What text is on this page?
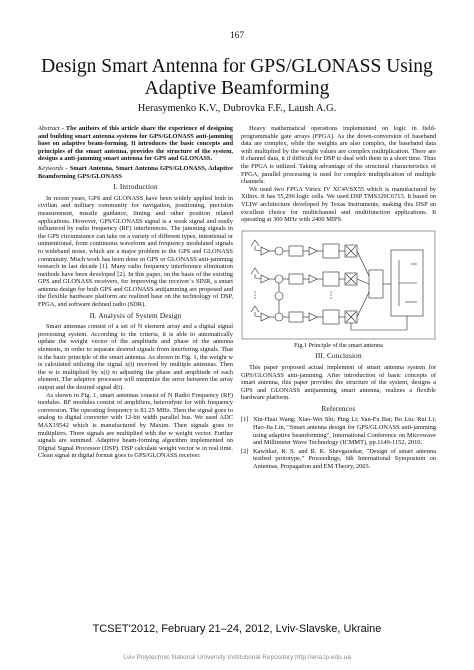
167
Design Smart Antenna for GPS/GLONASS Using Adaptive Beamforming
Herasymenko K.V., Dubrovka F.F., Laush A.G.

Abstract - The authors of this article share the experience of designing and building smart antenna systems for GPS/GLONASS anti-jamming base on adaptive beam-forming. It introduces the basic concepts and principles of the smart antenna, provides the structure of the system, designs a anti-jamming smart antenna for GPS and GLONASS.

Keywords - Smart Antenna, Smart Antenna GPS/GLONASS, Adaptive Beamforming GPS/GLONASS

I. Introduction

In recent years, GPS and GLONASS have been widely applied both in civilian and military community for navigation, positioning, precision measurement, missile guidance, timing and other position related applications. However, GPS/GLONASS signal is a weak signal and easily influenced by radio frequency (RF) interferences. The jamming signals in the GPS circumstance can take on a variety of different types, intentional or unintentional, from continuous waveform and frequency modulated signals to wideband noise, which are a major problem to the GPS and GLONASS community. Much work has been done in GPS or GLONASS anti-jamming research in last decade [1]. Many radio frequency interference elimination methods have been developed [2]. In this paper, on the basis of the existing GPS and GLONASS receivers, for improving the receiver`s SINR, a smart antenna design for both GPS and GLONASS antijamming are proposed and the flexible hardware platform are realized base on the technology of DSP, FPGA, and software defined radio (SDR).

II. Analysis of System Design

Smart antennas consist of a set of N element array and a digital signal processing system. According to the criteria, it is able to automatically update the weight vector of the amplitude and phase of the antenna elements, in order to separate desired signals from interfering signals. That is the basic principle of the smart antenna. As shown in Fig. 1, the weight w is calculated utilizing the signal x(t) received by multiple antennas. Then the w is multiplied by x(t) to adjusting the phase and amplitude of each element. The adaptive processor will minimize the error between the array output and the desired signal d(t).

As shown in Fig. 1, smart antennas consist of N Radio Frequency (RF) modules. RF modules consist of amplifiers, heterodyne for with frequency conversion. The operating frequency is 81.25 MHz. Then the signal goes to analog to digital converter with 12-bit width parallel bus. We used ADC MAX19542 which is manufactured by Maxim. Then signals goes to multipliers. There signals are multiplied with the w weight vector. Further signals are summed. Adaptive beam-forming algorithm implemented on Digital Signal Processor (DSP). DSP calculate weight vector w in real time. Clean signal in digital format goes to GPS/GLONASS receiver.

Heavy mathematical operations implemented on logic in field-programmable gate arrays (FPGA). As the down-conversion of baseband data are complex, while the weights are also complex, the baseband data with multiplied by the weight values are complex multiplication. There are 8 channel data, it if difficult for DSP to deal with them in a short time. Thus the FPGA is utilized. Taking advantage of the structural characteristics of FPGA, parallel processing is used for complex multiplication of multiple channels.

We used two FPGA Virtex IV XC4VSX55 which is manufactured by Xilinx. It has 55,296 logic cells. We used DSP TMS320C6713. It based on VLIW architecture developed by Texas Instruments, making this DSP an excellent choice for multichannel and multifunction applications. It operating at 300 MHz with 2400 MIPS.

Fig.1 Principle of the smart antenna
III. Conclusion

This paper proposed actual implement of smart antenna system for GPS/GLONASS anti-jamming. After introduction of basic concepts of smart antenna, this paper provides the structure of the system, designs a GPS and GLONASS antijamming smart antenna, realizes a flexible hardware platform.

References
[1] Xin-Huai Wang; Xiao-Wei Shi; Ping Li; Yan-Fu Bai; Bo Liu; Rui Li; Hao-Jia Lin, "Smart antenna design for GPS/GLONASS anti-jamming using adaptive beamforming", International Conference on Microwave and Millimeter Wave Technology (ICMMT), pp.1149-1152, 2010.
[2] Kawitkar, R. S. and R. K. Shevgaonkar, "Design of smart antenna testbed prototype," Proceedings, 6th International Symposium on Antennas, Propagation and EM Theory, 2003.
TCSET'2012, February 21–24, 2012, Lviv-Slavske, Ukraine
Lviv Polytechnic National University Institutional Repository http://ena.lp.edu.ua
